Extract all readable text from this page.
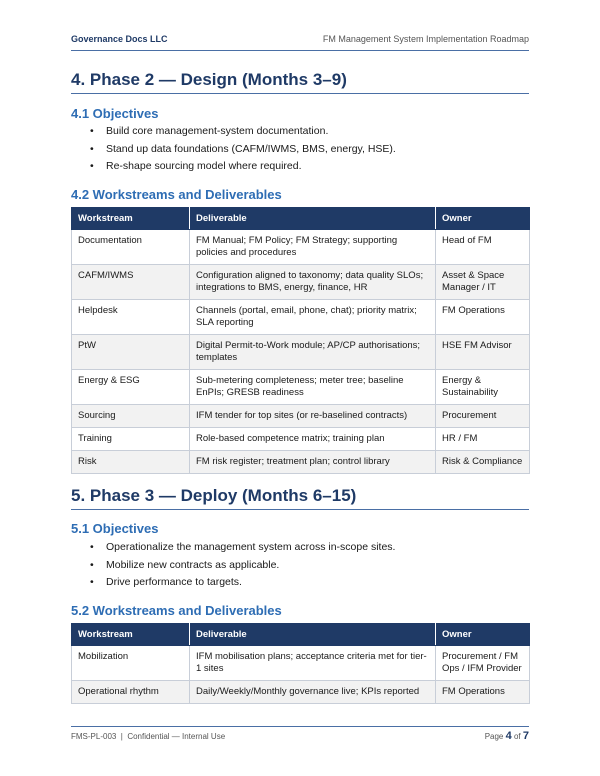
Governance Docs LLC	FM Management System Implementation Roadmap
4. Phase 2 — Design (Months 3–9)
4.1 Objectives
• Build core management-system documentation.
• Stand up data foundations (CAFM/IWMS, BMS, energy, HSE).
• Re-shape sourcing model where required.
4.2 Workstreams and Deliverables
Workstream	Deliverable	Owner
Documentation	FM Manual; FM Policy; FM Strategy; supporting policies and procedures	Head of FM
CAFM/IWMS	Configuration aligned to taxonomy; data quality SLOs; integrations to BMS, energy, finance, HR	Asset & Space Manager / IT
Helpdesk	Channels (portal, email, phone, chat); priority matrix; SLA reporting	FM Operations
PtW	Digital Permit-to-Work module; AP/CP authorisations; templates	HSE FM Advisor
Energy & ESG	Sub-metering completeness; meter tree; baseline EnPIs; GRESB readiness	Energy & Sustainability
Sourcing	IFM tender for top sites (or re-baselined contracts)	Procurement
Training	Role-based competence matrix; training plan	HR / FM
Risk	FM risk register; treatment plan; control library	Risk & Compliance
5. Phase 3 — Deploy (Months 6–15)
5.1 Objectives
• Operationalize the management system across in-scope sites.
• Mobilize new contracts as applicable.
• Drive performance to targets.
5.2 Workstreams and Deliverables
Workstream	Deliverable	Owner
Mobilization	IFM mobilisation plans; acceptance criteria met for tier-1 sites	Procurement / FM Ops / IFM Provider
Operational rhythm	Daily/Weekly/Monthly governance live; KPIs reported	FM Operations
FMS-PL-003  |  Confidential — Internal Use	Page 4 of 7
